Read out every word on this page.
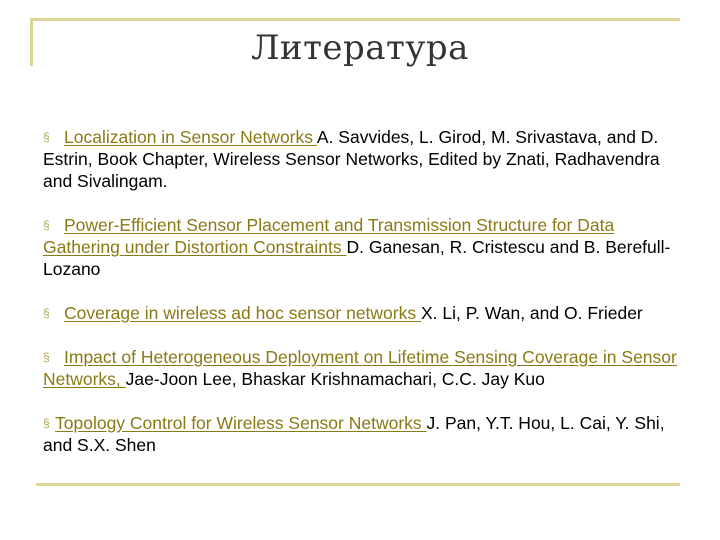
Литература

§ Localization in Sensor Networks A. Savvides, L. Girod, M. Srivastava, and D. Estrin, Book Chapter, Wireless Sensor Networks, Edited by Znati, Radhavendra and Sivalingam.

§ Power-Efficient Sensor Placement and Transmission Structure for Data Gathering under Distortion Constraints D. Ganesan, R. Cristescu and B. Berefull-Lozano

§ Coverage in wireless ad hoc sensor networks X. Li, P. Wan, and O. Frieder

§ Impact of Heterogeneous Deployment on Lifetime Sensing Coverage in Sensor Networks, Jae-Joon Lee, Bhaskar Krishnamachari, C.C. Jay Kuo

§ Topology Control for Wireless Sensor Networks J. Pan, Y.T. Hou, L. Cai, Y. Shi, and S.X. Shen
